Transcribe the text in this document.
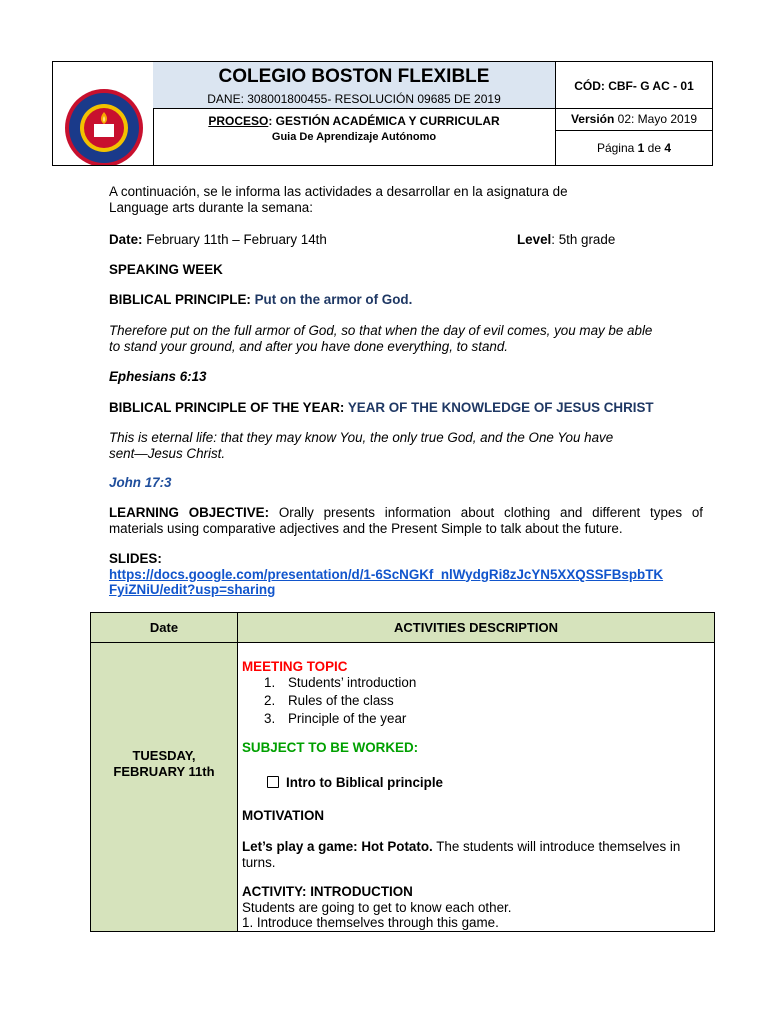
COLEGIO BOSTON FLEXIBLE
DANE: 308001800455- RESOLUCIÓN 09685 DE 2019
PROCESO: GESTIÓN ACADÉMICA Y CURRICULAR
Guia De Aprendizaje Autónomo
CÓD: CBF- G AC - 01
Versión 02: Mayo 2019
Página 1 de 4
A continuación, se le informa las actividades a desarrollar en la asignatura de
Language arts durante la semana:
Date: February 11th – February 14th	Level: 5th grade
SPEAKING WEEK
BIBLICAL PRINCIPLE: Put on the armor of God.
Therefore put on the full armor of God, so that when the day of evil comes, you may be able
to stand your ground, and after you have done everything, to stand.
Ephesians 6:13
BIBLICAL PRINCIPLE OF THE YEAR: YEAR OF THE KNOWLEDGE OF JESUS CHRIST
This is eternal life: that they may know You, the only true God, and the One You have
sent—Jesus Christ.
John 17:3
LEARNING OBJECTIVE: Orally presents information about clothing and different types of
materials using comparative adjectives and the Present Simple to talk about the future.
SLIDES:
https://docs.google.com/presentation/d/1-6ScNGKf_nlWydgRi8zJcYN5XXQSSFBspbTK
FyiZNiU/edit?usp=sharing
Date	ACTIVITIES DESCRIPTION
TUESDAY,
FEBRUARY 11th
MEETING TOPIC
1. Students’ introduction
2. Rules of the class
3. Principle of the year
SUBJECT TO BE WORKED:
Intro to Biblical principle
MOTIVATION
Let’s play a game: Hot Potato. The students will introduce themselves in
turns.
ACTIVITY: INTRODUCTION
Students are going to get to know each other.
1. Introduce themselves through this game.
